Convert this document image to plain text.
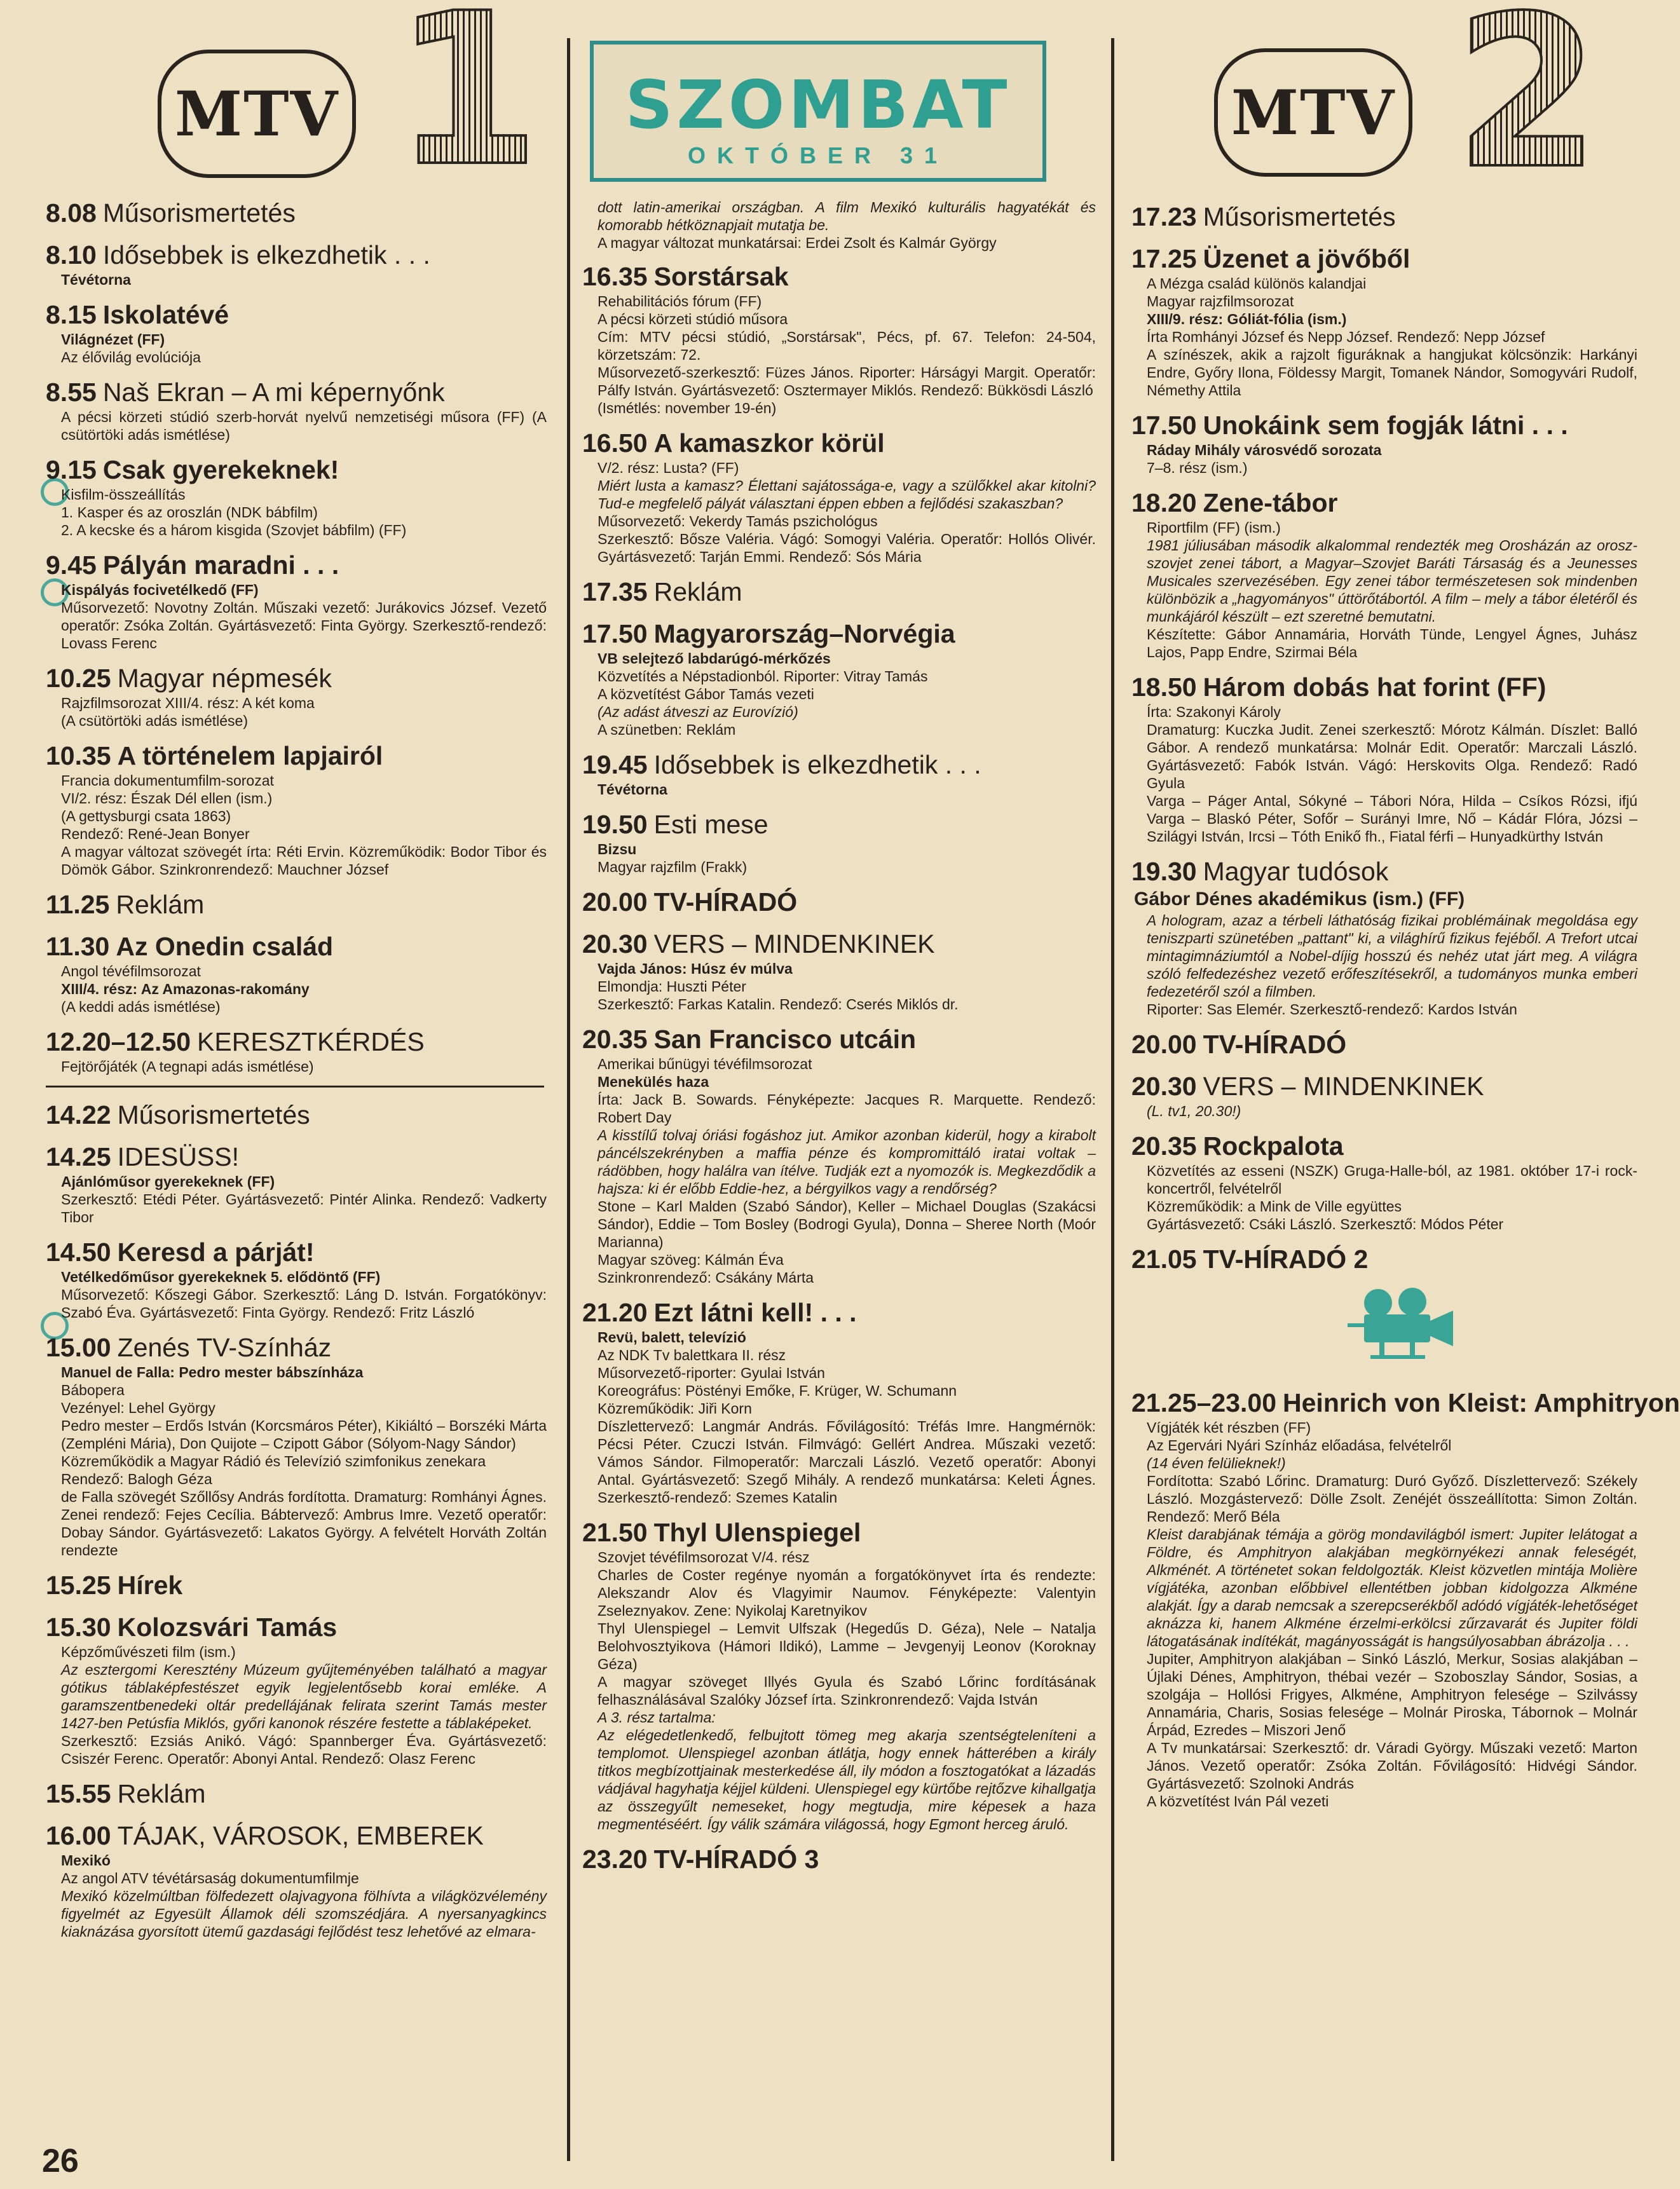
MTV 1	SZOMBAT
OKTÓBER 31
MTV 2
8.08 Műsorismertetés
8.10 Idősebbek is elkezdhetik . . .
Tévétorna
8.15 Iskolatévé
Világnézet (FF)
Az élővilág evolúciója
8.55 Naš Ekran – A mi képernyőnk
A pécsi körzeti stúdió szerb-horvát nyelvű nemzetiségi műsora (FF) (A csütörtöki adás ismétlése)
9.15 Csak gyerekeknek!
Kisfilm-összeállítás
1. Kasper és az oroszlán (NDK bábfilm)
2. A kecske és a három kisgida (Szovjet bábfilm) (FF)
9.45 Pályán maradni . . .
Kispályás focivetélkedő (FF)
Műsorvezető: Novotny Zoltán. Műszaki vezető: Jurákovics József. Vezető operatőr: Zsóka Zoltán. Gyártásvezető: Finta György. Szerkesztő-rendező: Lovass Ferenc
10.25 Magyar népmesék
Rajzfilmsorozat XIII/4. rész: A két koma
(A csütörtöki adás ismétlése)
10.35 A történelem lapjairól
Francia dokumentumfilm-sorozat
VI/2. rész: Észak Dél ellen (ism.)
(A gettysburgi csata 1863)
Rendező: René-Jean Bonyer
A magyar változat szövegét írta: Réti Ervin. Közreműködik: Bodor Tibor és Dömök Gábor. Szinkronrendező: Mauchner József
11.25 Reklám
11.30 Az Onedin család
Angol tévéfilmsorozat
XIII/4. rész: Az Amazonas-rakomány
(A keddi adás ismétlése)
12.20–12.50 KERESZTKÉRDÉS
Fejtörőjáték (A tegnapi adás ismétlése)
14.22 Műsorismertetés
14.25 IDESÜSS!
Ajánlóműsor gyerekeknek (FF)
Szerkesztő: Etédi Péter. Gyártásvezető: Pintér Alinka. Rendező: Vadkerty Tibor
14.50 Keresd a párját!
Vetélkedőműsor gyerekeknek 5. elődöntő (FF)
Műsorvezető: Kőszegi Gábor. Szerkesztő: Láng D. István. Forgatókönyv: Szabó Éva. Gyártásvezető: Finta György. Rendező: Fritz László
15.00 Zenés TV-Színház
Manuel de Falla: Pedro mester bábszínháza
Bábopera
Vezényel: Lehel György
Pedro mester – Erdős István (Korcsmáros Péter), Kikiáltó – Borszéki Márta (Zempléni Mária), Don Quijote – Czipott Gábor (Sólyom-Nagy Sándor)
Közreműködik a Magyar Rádió és Televízió szimfonikus zenekara
Rendező: Balogh Géza
de Falla szövegét Szőllősy András fordította. Dramaturg: Romhányi Ágnes. Zenei rendező: Fejes Cecília. Bábtervező: Ambrus Imre. Vezető operatőr: Dobay Sándor. Gyártásvezető: Lakatos György. A felvételt Horváth Zoltán rendezte
15.25 Hírek
15.30 Kolozsvári Tamás
Képzőművészeti film (ism.)
Az esztergomi Keresztény Múzeum gyűjteményében található a magyar gótikus táblaképfestészet egyik legjelentősebb korai emléke. A garamszentbenedeki oltár predellájának felirata szerint Tamás mester 1427-ben Petúsfia Miklós, győri kanonok részére festette a táblaképeket.
Szerkesztő: Ezsiás Anikó. Vágó: Spannberger Éva. Gyártásvezető: Csiszér Ferenc. Operatőr: Abonyi Antal. Rendező: Olasz Ferenc
15.55 Reklám
16.00 TÁJAK, VÁROSOK, EMBEREK
Mexikó
Az angol ATV tévétársaság dokumentumfilmje
Mexikó közelmúltban fölfedezett olajvagyona fölhívta a világközvélemény figyelmét az Egyesült Államok déli szomszédjára. A nyersanyagkincs kiaknázása gyorsított ütemű gazdasági fejlődést tesz lehetővé az elmara-
dott latin-amerikai országban. A film Mexikó kulturális hagyatékát és komorabb hétköznapjait mutatja be.
A magyar változat munkatársai: Erdei Zsolt és Kalmár György
16.35 Sorstársak
Rehabilitációs fórum (FF)
A pécsi körzeti stúdió műsora
Cím: MTV pécsi stúdió, „Sorstársak", Pécs, pf. 67. Telefon: 24-504, körzetszám: 72.
Műsorvezető-szerkesztő: Füzes János. Riporter: Hárságyi Margit. Operatőr: Pálfy István. Gyártásvezető: Osztermayer Miklós. Rendező: Bükkösdi László
(Ismétlés: november 19-én)
16.50 A kamaszkor körül
V/2. rész: Lusta? (FF)
Miért lusta a kamasz? Élettani sajátossága-e, vagy a szülőkkel akar kitolni? Tud-e megfelelő pályát választani éppen ebben a fejlődési szakaszban?
Műsorvezető: Vekerdy Tamás pszichológus
Szerkesztő: Bősze Valéria. Vágó: Somogyi Valéria. Operatőr: Hollós Olivér. Gyártásvezető: Tarján Emmi. Rendező: Sós Mária
17.35 Reklám
17.50 Magyarország–Norvégia
VB selejtező labdarúgó-mérkőzés
Közvetítés a Népstadionból. Riporter: Vitray Tamás
A közvetítést Gábor Tamás vezeti
(Az adást átveszi az Eurovízió)
A szünetben: Reklám
19.45 Idősebbek is elkezdhetik . . .
Tévétorna
19.50 Esti mese
Bizsu
Magyar rajzfilm (Frakk)
20.00 TV-HÍRADÓ
20.30 VERS – MINDENKINEK
Vajda János: Húsz év múlva
Elmondja: Huszti Péter
Szerkesztő: Farkas Katalin. Rendező: Cserés Miklós dr.
20.35 San Francisco utcáin
Amerikai bűnügyi tévéfilmsorozat
Menekülés haza
Írta: Jack B. Sowards. Fényképezte: Jacques R. Marquette. Rendező: Robert Day
A kisstílű tolvaj óriási fogáshoz jut. Amikor azonban kiderül, hogy a kirabolt páncélszekrényben a maffia pénze és kompromittáló iratai voltak – rádöbben, hogy halálra van ítélve. Tudják ezt a nyomozók is. Megkezdődik a hajsza: ki ér előbb Eddie-hez, a bérgyilkos vagy a rendőrség?
Stone – Karl Malden (Szabó Sándor), Keller – Michael Douglas (Szakácsi Sándor), Eddie – Tom Bosley (Bodrogi Gyula), Donna – Sheree North (Moór Marianna)
Magyar szöveg: Kálmán Éva
Szinkronrendező: Csákány Márta
21.20 Ezt látni kell! . . .
Revü, balett, televízió
Az NDK Tv balettkara II. rész
Műsorvezető-riporter: Gyulai István
Koreográfus: Pöstényi Emőke, F. Krüger, W. Schumann
Közreműködik: Jiři Korn
Díszlettervező: Langmár András. Fővilágosító: Tréfás Imre. Hangmérnök: Pécsi Péter. Czuczi István. Filmvágó: Gellért Andrea. Műszaki vezető: Vámos Sándor. Filmoperatőr: Marczali László. Vezető operatőr: Abonyi Antal. Gyártásvezető: Szegő Mihály. A rendező munkatársa: Keleti Ágnes. Szerkesztő-rendező: Szemes Katalin
21.50 Thyl Ulenspiegel
Szovjet tévéfilmsorozat V/4. rész
Charles de Coster regénye nyomán a forgatókönyvet írta és rendezte: Alekszandr Alov és Vlagyimir Naumov. Fényképezte: Valentyin Zseleznyakov. Zene: Nyikolaj Karetnyikov
Thyl Ulenspiegel – Lemvit Ulfszak (Hegedűs D. Géza), Nele – Natalja Belohvosztyikova (Hámori Ildikó), Lamme – Jevgenyij Leonov (Koroknay Géza)
A magyar szöveget Illyés Gyula és Szabó Lőrinc fordításának felhasználásával Szalóky József írta. Szinkronrendező: Vajda István
A 3. rész tartalma:
Az elégedetlenkedő, felbujtott tömeg meg akarja szentségteleníteni a templomot. Ulenspiegel azonban átlátja, hogy ennek hátterében a király titkos megbízottjainak mesterkedése áll, ily módon a fosztogatókat a lázadás vádjával hagyhatja kéjjel küldeni. Ulenspiegel egy kürtőbe rejtőzve kihallgatja az összegyűlt nemeseket, hogy megtudja, mire képesek a haza megmentéséért. Így válik számára világossá, hogy Egmont herceg áruló.
23.20 TV-HÍRADÓ 3
17.23 Műsorismertetés
17.25 Üzenet a jövőből
A Mézga család különös kalandjai
Magyar rajzfilmsorozat
XIII/9. rész: Góliát-fólia (ism.)
Írta Romhányi József és Nepp József. Rendező: Nepp József
A színészek, akik a rajzolt figuráknak a hangjukat kölcsönzik: Harkányi Endre, Győry Ilona, Földessy Margit, Tomanek Nándor, Somogyvári Rudolf, Némethy Attila
17.50 Unokáink sem fogják látni . . .
Ráday Mihály városvédő sorozata
7–8. rész (ism.)
18.20 Zene-tábor
Riportfilm (FF) (ism.)
1981 júliusában második alkalommal rendezték meg Orosházán az orosz-szovjet zenei tábort, a Magyar–Szovjet Baráti Társaság és a Jeunesses Musicales szervezésében. Egy zenei tábor természetesen sok mindenben különbözik a „hagyományos" úttörőtábortól. A film – mely a tábor életéről és munkájáról készült – ezt szeretné bemutatni.
Készítette: Gábor Annamária, Horváth Tünde, Lengyel Ágnes, Juhász Lajos, Papp Endre, Szirmai Béla
18.50 Három dobás hat forint (FF)
Írta: Szakonyi Károly
Dramaturg: Kuczka Judit. Zenei szerkesztő: Mórotz Kálmán. Díszlet: Balló Gábor. A rendező munkatársa: Molnár Edit. Operatőr: Marczali László. Gyártásvezető: Fabók István. Vágó: Herskovits Olga. Rendező: Radó Gyula
Varga – Páger Antal, Sókyné – Tábori Nóra, Hilda – Csíkos Rózsi, ifjú Varga – Blaskó Péter, Sofőr – Surányi Imre, Nő – Kádár Flóra, Józsi – Szilágyi István, Ircsi – Tóth Enikő fh., Fiatal férfi – Hunyadkürthy István
19.30 Magyar tudósok
Gábor Dénes akadémikus (ism.) (FF)
A hologram, azaz a térbeli láthatóság fizikai problémáinak megoldása egy teniszparti szünetében „pattant" ki, a világhírű fizikus fejéből. A Trefort utcai mintagimnáziumtól a Nobel-díjig hosszú és nehéz utat járt meg. A világra szóló felfedezéshez vezető erőfeszítésekről, a tudományos munka emberi fedezetéről szól a filmben.
Riporter: Sas Elemér. Szerkesztő-rendező: Kardos István
20.00 TV-HÍRADÓ
20.30 VERS – MINDENKINEK
(L. tv1, 20.30!)
20.35 Rockpalota
Közvetítés az esseni (NSZK) Gruga-Halle-ból, az 1981. október 17-i rock-koncertről, felvételről
Közreműködik: a Mink de Ville együttes
Gyártásvezető: Csáki László. Szerkesztő: Módos Péter
21.05 TV-HÍRADÓ 2
21.25–23.00 Heinrich von Kleist: Amphitryon
Vígjáték két részben (FF)
Az Egervári Nyári Színház előadása, felvételről
(14 éven felülieknek!)
Fordította: Szabó Lőrinc. Dramaturg: Duró Győző. Díszlettervező: Székely László. Mozgástervező: Dölle Zsolt. Zenéjét összeállította: Simon Zoltán. Rendező: Merő Béla
Kleist darabjának témája a görög mondavilágból ismert: Jupiter lelátogat a Földre, és Amphitryon alakjában megkörnyékezi annak feleségét, Alkménét. A történetet sokan feldolgozták. Kleist közvetlen mintája Molière vígjátéka, azonban előbbivel ellentétben jobban kidolgozza Alkméne alakját. Így a darab nemcsak a szerepcserékből adódó vígjáték-lehetőséget aknázza ki, hanem Alkméne érzelmi-erkölcsi zűrzavarát és Jupiter földi látogatásának indítékát, magányosságát is hangsúlyosabban ábrázolja . . .
Jupiter, Amphitryon alakjában – Sinkó László, Merkur, Sosias alakjában – Újlaki Dénes, Amphitryon, thébai vezér – Szoboszlay Sándor, Sosias, a szolgája – Hollósi Frigyes, Alkméne, Amphitryon felesége – Szilvássy Annamária, Charis, Sosias felesége – Molnár Piroska, Tábornok – Molnár Árpád, Ezredes – Miszori Jenő
A Tv munkatársai: Szerkesztő: dr. Váradi György. Műszaki vezető: Marton János. Vezető operatőr: Zsóka Zoltán. Fővilágosító: Hidvégi Sándor. Gyártásvezető: Szolnoki András
A közvetítést Iván Pál vezeti
26
